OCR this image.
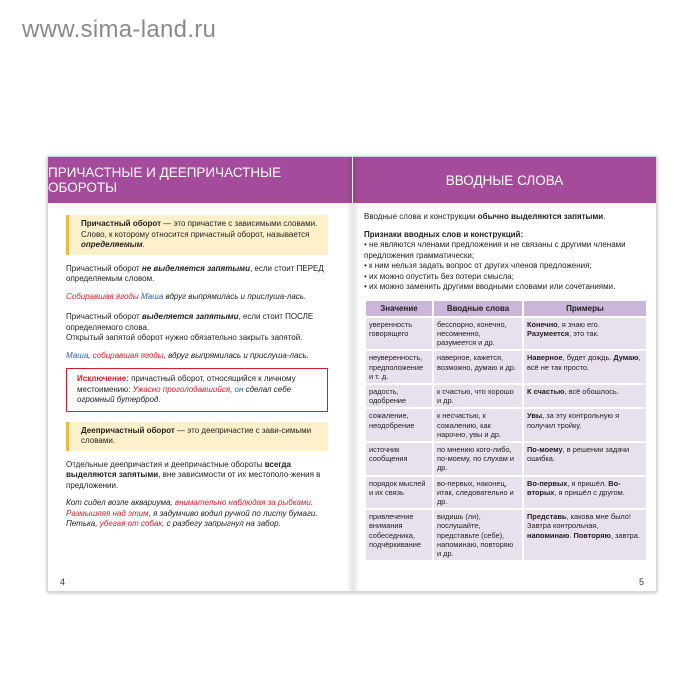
www.sima-land.ru
ПРИЧАСТНЫЕ И ДЕЕПРИЧАСТНЫЕ ОБОРОТЫ	ВВОДНЫЕ СЛОВА
Причастный оборот — это причастие с зависимыми словами. Слово, к которому относится причастный оборот, называется определяемым.

Причастный оборот не выделяется запятыми, если стоит ПЕРЕД определяемым словом.

Собиравшая ягоды Маша вдруг выпрямилась и прислуша-лась.

Причастный оборот выделяется запятыми, если стоит ПОСЛЕ определяемого слова.
Открытый запятой оборот нужно обязательно закрыть запятой.

Маша, собиравшая ягоды, вдруг выпрямилась и прислуша-лась.

Исключение: причастный оборот, относящийся к личному местоимению: Ужасно проголодавшийся, он сделал себе огромный бутерброд.
Деепричастный оборот — это деепричастие с зави-симыми словами.

Отдельные деепричастия и деепричастные обороты всегда выделяются запятыми, вне зависимости от их местополо-жения в предложении.

Кот сидел возле аквариума, внимательно наблюдая за рыбками.
Размышляя над этим, я задумчиво водил ручкой по листу бумаги.
Петька, убегая от собак, с разбегу запрыгнул на забор.
4

Вводные слова и конструкции обычно выделяются запятыми.

Признаки вводных слов и конструкций:
• не являются членами предложения и не связаны с другими членами предложения грамматически;
• к ним нельзя задать вопрос от других членов предложения;
• их можно опустить без потери смысла;
• их можно заменить другими вводными словами или сочетаниями.
Значение	Вводные слова	Примеры
уверенность говорящего	бесспорно, конечно, несомненно, разумеется и др.	Конечно, я знаю его. Разумеется, это так.
неуверенность, предположение и т. д.	наверное, кажется, возможно, думаю и др.	Наверное, будет дождь. Думаю, всё не так просто.
радость, одобрение	к счастью, что хорошо и др.	К счастью, всё обошлось.
сожаление, неодобрение	к несчастью, к сожалению, как нарочно, увы и др.	Увы, за эту контрольную я получил тройку.
источник сообщения	по мнению кого-либо, по-моему, по слухам и др.	По-моему, в решении задачи ошибка.
порядок мыслей и их связь	во-первых, наконец, итак, следовательно и др.	Во-первых, я пришёл. Во-вторых, я пришёл с другом.
привлечение внимания собеседника, подчёркивание	видишь (ли), послушайте, представьте (себе), напоминаю, повторяю и др.	Представь, какова мне было! Завтра контрольная, напоминаю. Повторяю, завтра.
5
